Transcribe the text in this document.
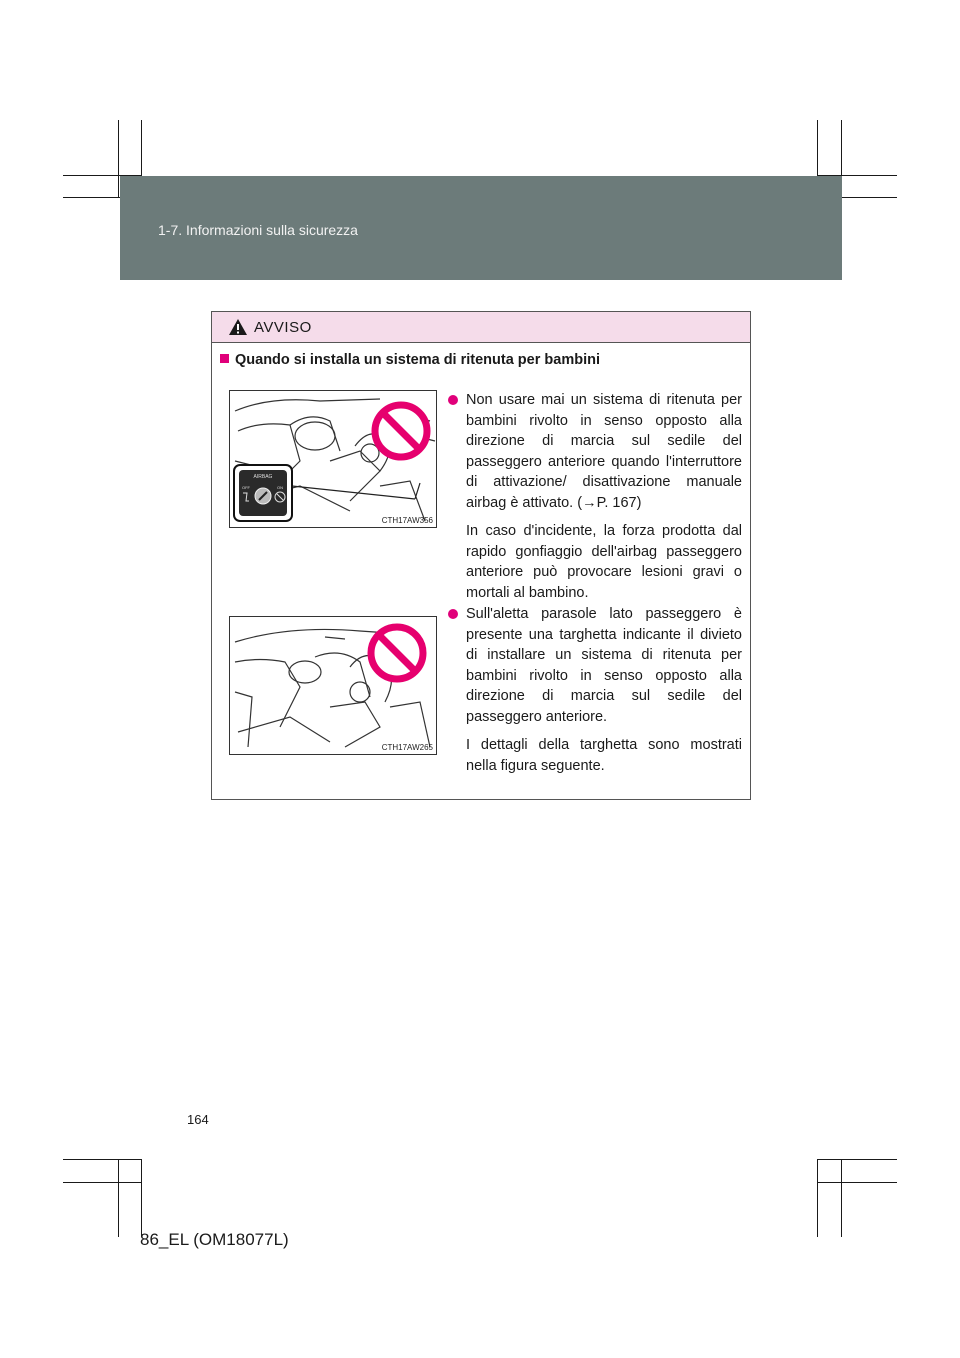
1-7. Informazioni sulla sicurezza
AVVISO
Quando si installa un sistema di ritenuta per bambini
AIRBAG
OFF	ON
CTH17AW356
CTH17AW265

Non usare mai un sistema di ritenuta per bambini rivolto in senso opposto alla direzione di marcia sul sedile del passeggero anteriore quando l'interruttore di attivazione/ disattivazione manuale airbag è attivato. (→P. 167)

In caso d'incidente, la forza prodotta dal rapido gonfiaggio dell'airbag passeggero anteriore può provocare lesioni gravi o mortali al bambino.

Sull'aletta parasole lato passeggero è presente una targhetta indicante il divieto di installare un sistema di ritenuta per bambini rivolto in senso opposto alla direzione di marcia sul sedile del passeggero anteriore.

I dettagli della targhetta sono mostrati nella figura seguente.

164
86_EL (OM18077L)
